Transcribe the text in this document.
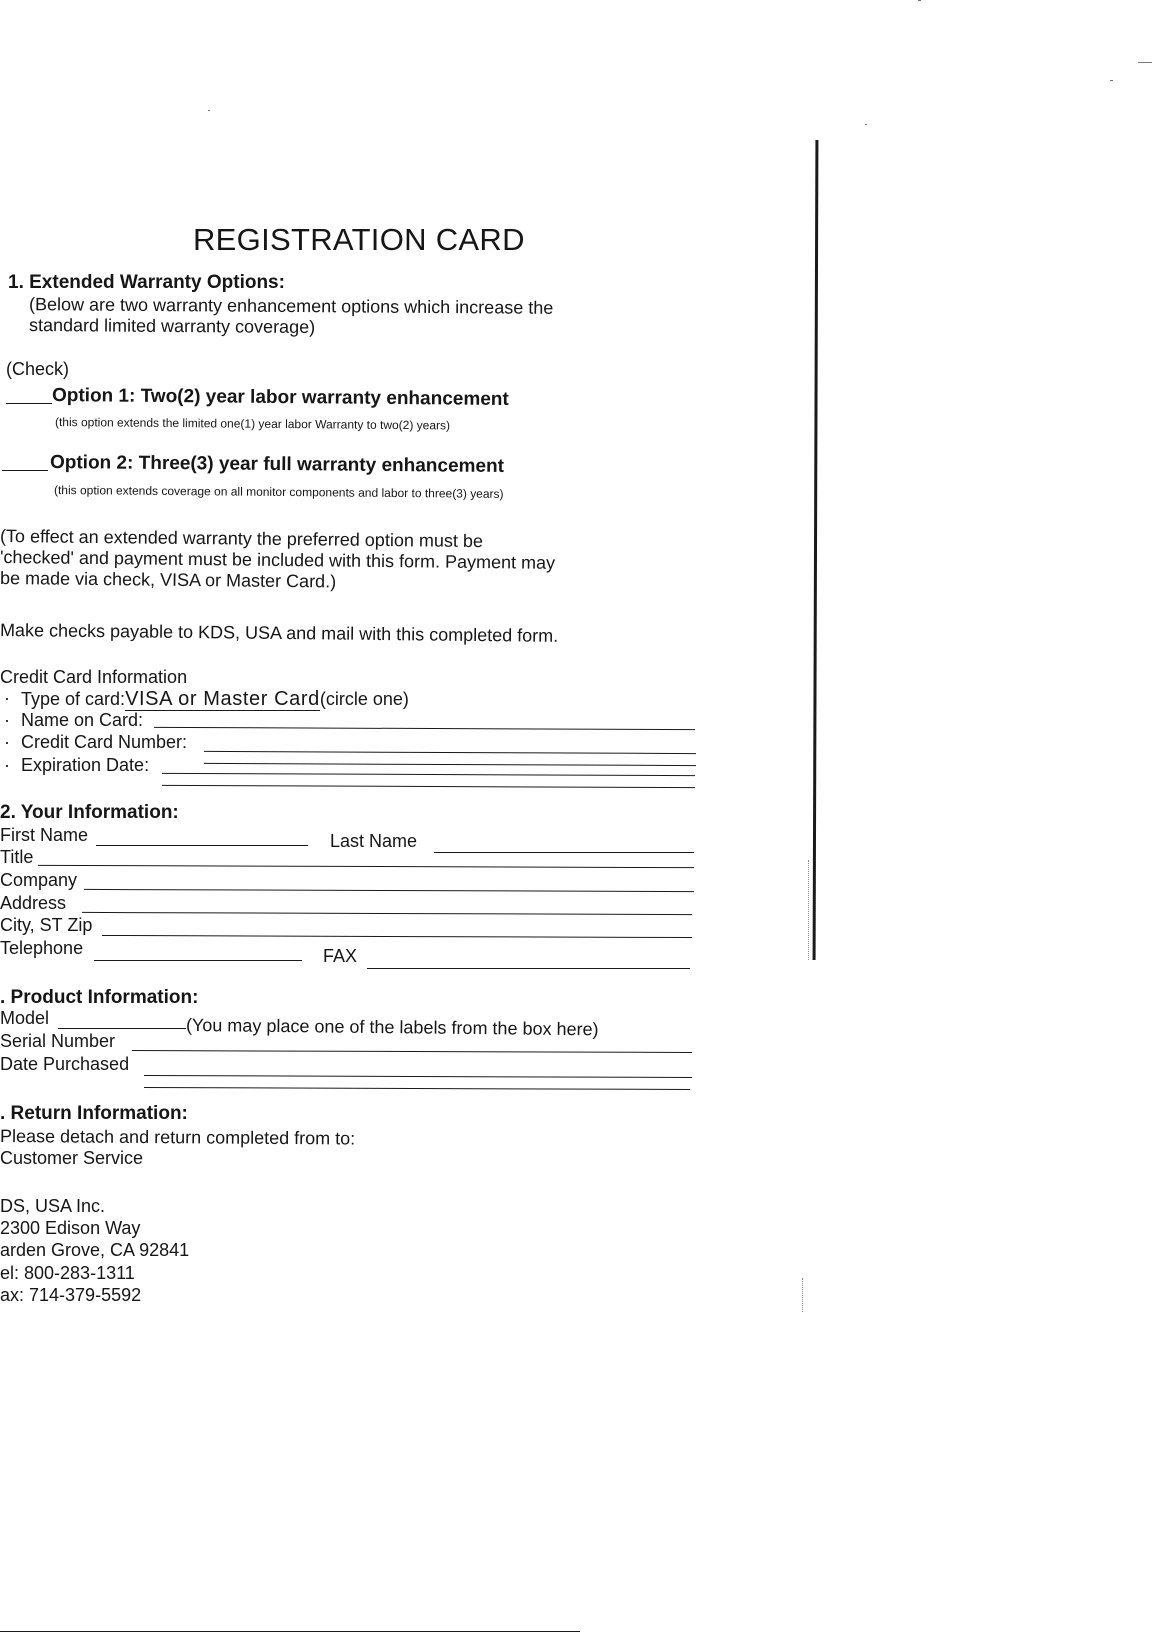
REGISTRATION CARD
1. Extended Warranty Options:
(Below are two warranty enhancement options which increase the
standard limited warranty coverage)
(Check)
Option 1: Two(2) year labor warranty enhancement
(this option extends the limited one(1) year labor Warranty to two(2) years)
Option 2: Three(3) year full warranty enhancement
(this option extends coverage on all monitor components and labor to three(3) years)
(To effect an extended warranty the preferred option must be
'checked' and payment must be included with this form. Payment may
be made via check, VISA or Master Card.)
Make checks payable to KDS, USA and mail with this completed form.
Credit Card Information
· Type of card:VISA or Master Card(circle one)
· Name on Card:
· Credit Card Number:
· Expiration Date:
2. Your Information:
First Name	Last Name
Title
Company
Address
City, ST Zip
Telephone	FAX
. Product Information:
Model	(You may place one of the labels from the box here)
Serial Number
Date Purchased
. Return Information:
Please detach and return completed from to:
Customer Service
DS, USA Inc.
2300 Edison Way
arden Grove, CA 92841
el: 800-283-1311
ax: 714-379-5592
